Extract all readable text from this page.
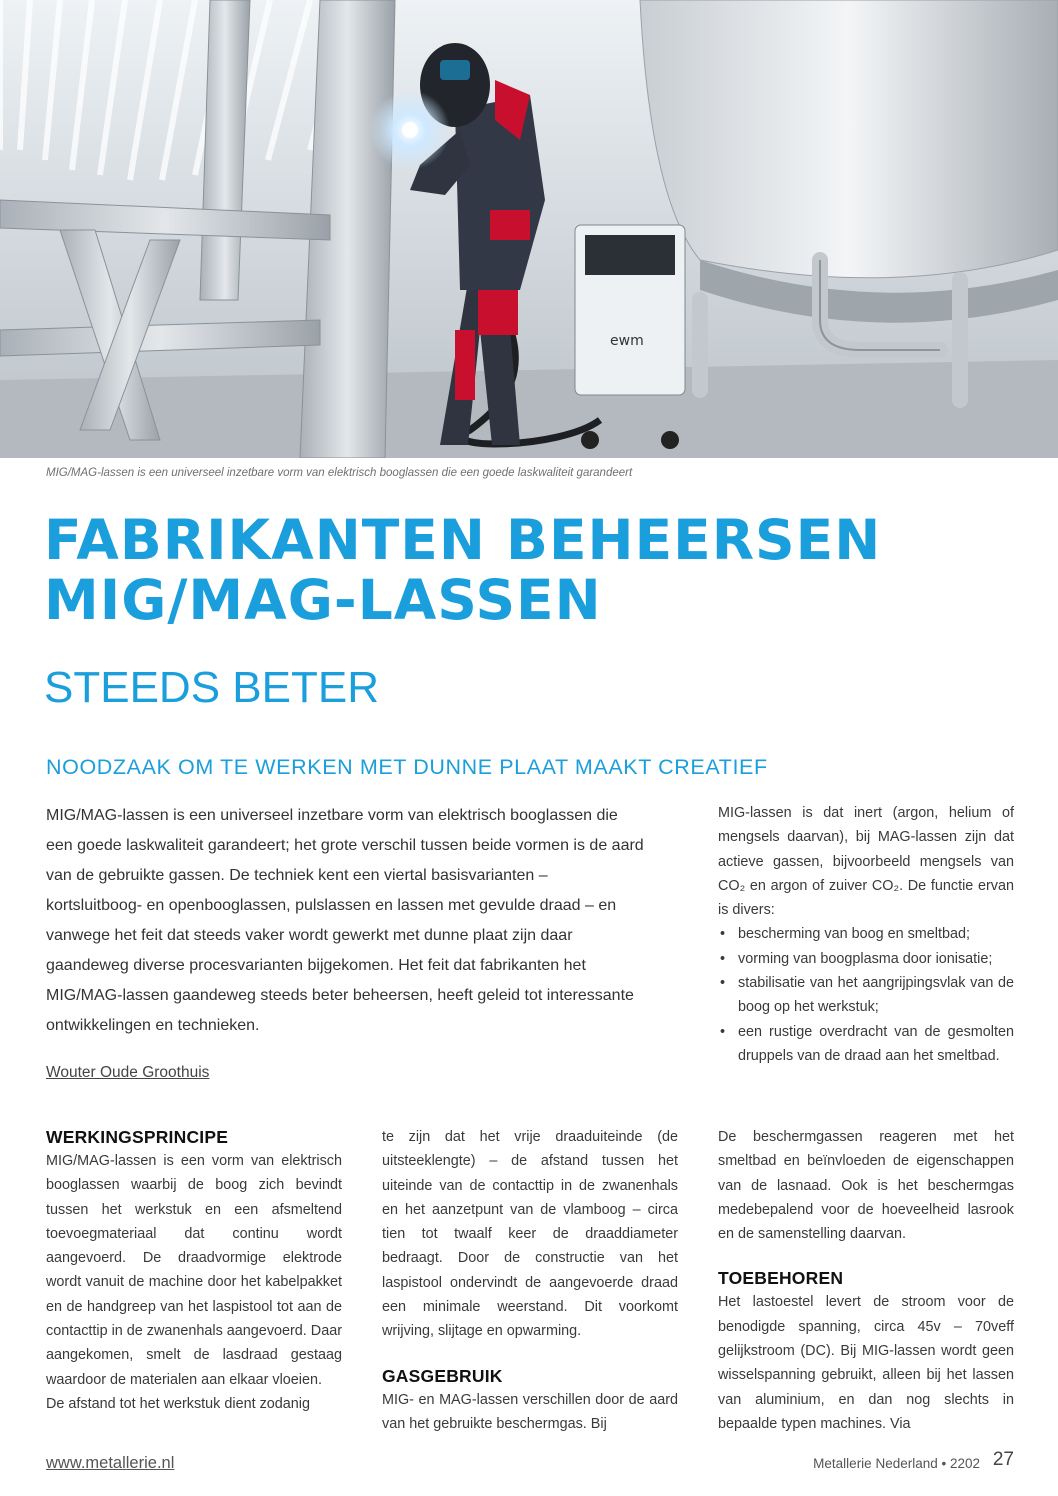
ewm
MIG/MAG-lassen is een universeel inzetbare vorm van elektrisch booglassen die een goede laskwaliteit garandeert
FABRIKANTEN BEHEERSEN
MIG/MAG-LASSEN
STEEDS BETER
NOODZAAK OM TE WERKEN MET DUNNE PLAAT MAAKT CREATIEF
MIG/MAG-lassen is een universeel inzetbare vorm van elektrisch booglassen die een goede laskwaliteit garandeert; het grote verschil tussen beide vormen is de aard van de gebruikte gassen. De techniek kent een viertal basisvarianten – kortsluitboog- en openbooglassen, pulslassen en lassen met gevulde draad – en vanwege het feit dat steeds vaker wordt gewerkt met dunne plaat zijn daar gaandeweg diverse procesvarianten bijgekomen. Het feit dat fabrikanten het MIG/MAG-lassen gaandeweg steeds beter beheersen, heeft geleid tot interessante ontwikkelingen en technieken.
Wouter Oude Groothuis

MIG-lassen is dat inert (argon, helium of mengsels daarvan), bij MAG-lassen zijn dat actieve gassen, bijvoorbeeld mengsels van CO₂ en argon of zuiver CO₂. De functie ervan is divers:

• bescherming van boog en smeltbad;
• vorming van boogplasma door ionisatie;
• stabilisatie van het aangrijpingsvlak van de boog op het werkstuk;
• een rustige overdracht van de gesmolten druppels van de draad aan het smeltbad.
WERKINGSPRINCIPE

MIG/MAG-lassen is een vorm van elektrisch booglassen waarbij de boog zich bevindt tussen het werkstuk en een afsmeltend toevoegmateriaal dat continu wordt aangevoerd. De draadvormige elektrode wordt vanuit de machine door het kabelpakket en de handgreep van het laspistool tot aan de contacttip in de zwanenhals aangevoerd. Daar aangekomen, smelt de lasdraad gestaag waardoor de materialen aan elkaar vloeien.

De afstand tot het werkstuk dient zodanig

te zijn dat het vrije draaduiteinde (de uitsteeklengte) – de afstand tussen het uiteinde van de contacttip in de zwanenhals en het aanzetpunt van de vlamboog – circa tien tot twaalf keer de draaddiameter bedraagt. Door de constructie van het laspistool ondervindt de aangevoerde draad een minimale weerstand. Dit voorkomt wrijving, slijtage en opwarming.

GASGEBRUIK

MIG- en MAG-lassen verschillen door de aard van het gebruikte beschermgas. Bij

De beschermgassen reageren met het smeltbad en beïnvloeden de eigenschappen van de lasnaad. Ook is het beschermgas medebepalend voor de hoeveelheid lasrook en de samenstelling daarvan.

TOEBEHOREN

Het lastoestel levert de stroom voor de benodigde spanning, circa 45v – 70veff gelijkstroom (DC). Bij MIG-lassen wordt geen wisselspanning gebruikt, alleen bij het lassen van aluminium, en dan nog slechts in bepaalde typen machines. Via

www.metallerie.nl	Metallerie Nederland • 2202 27
